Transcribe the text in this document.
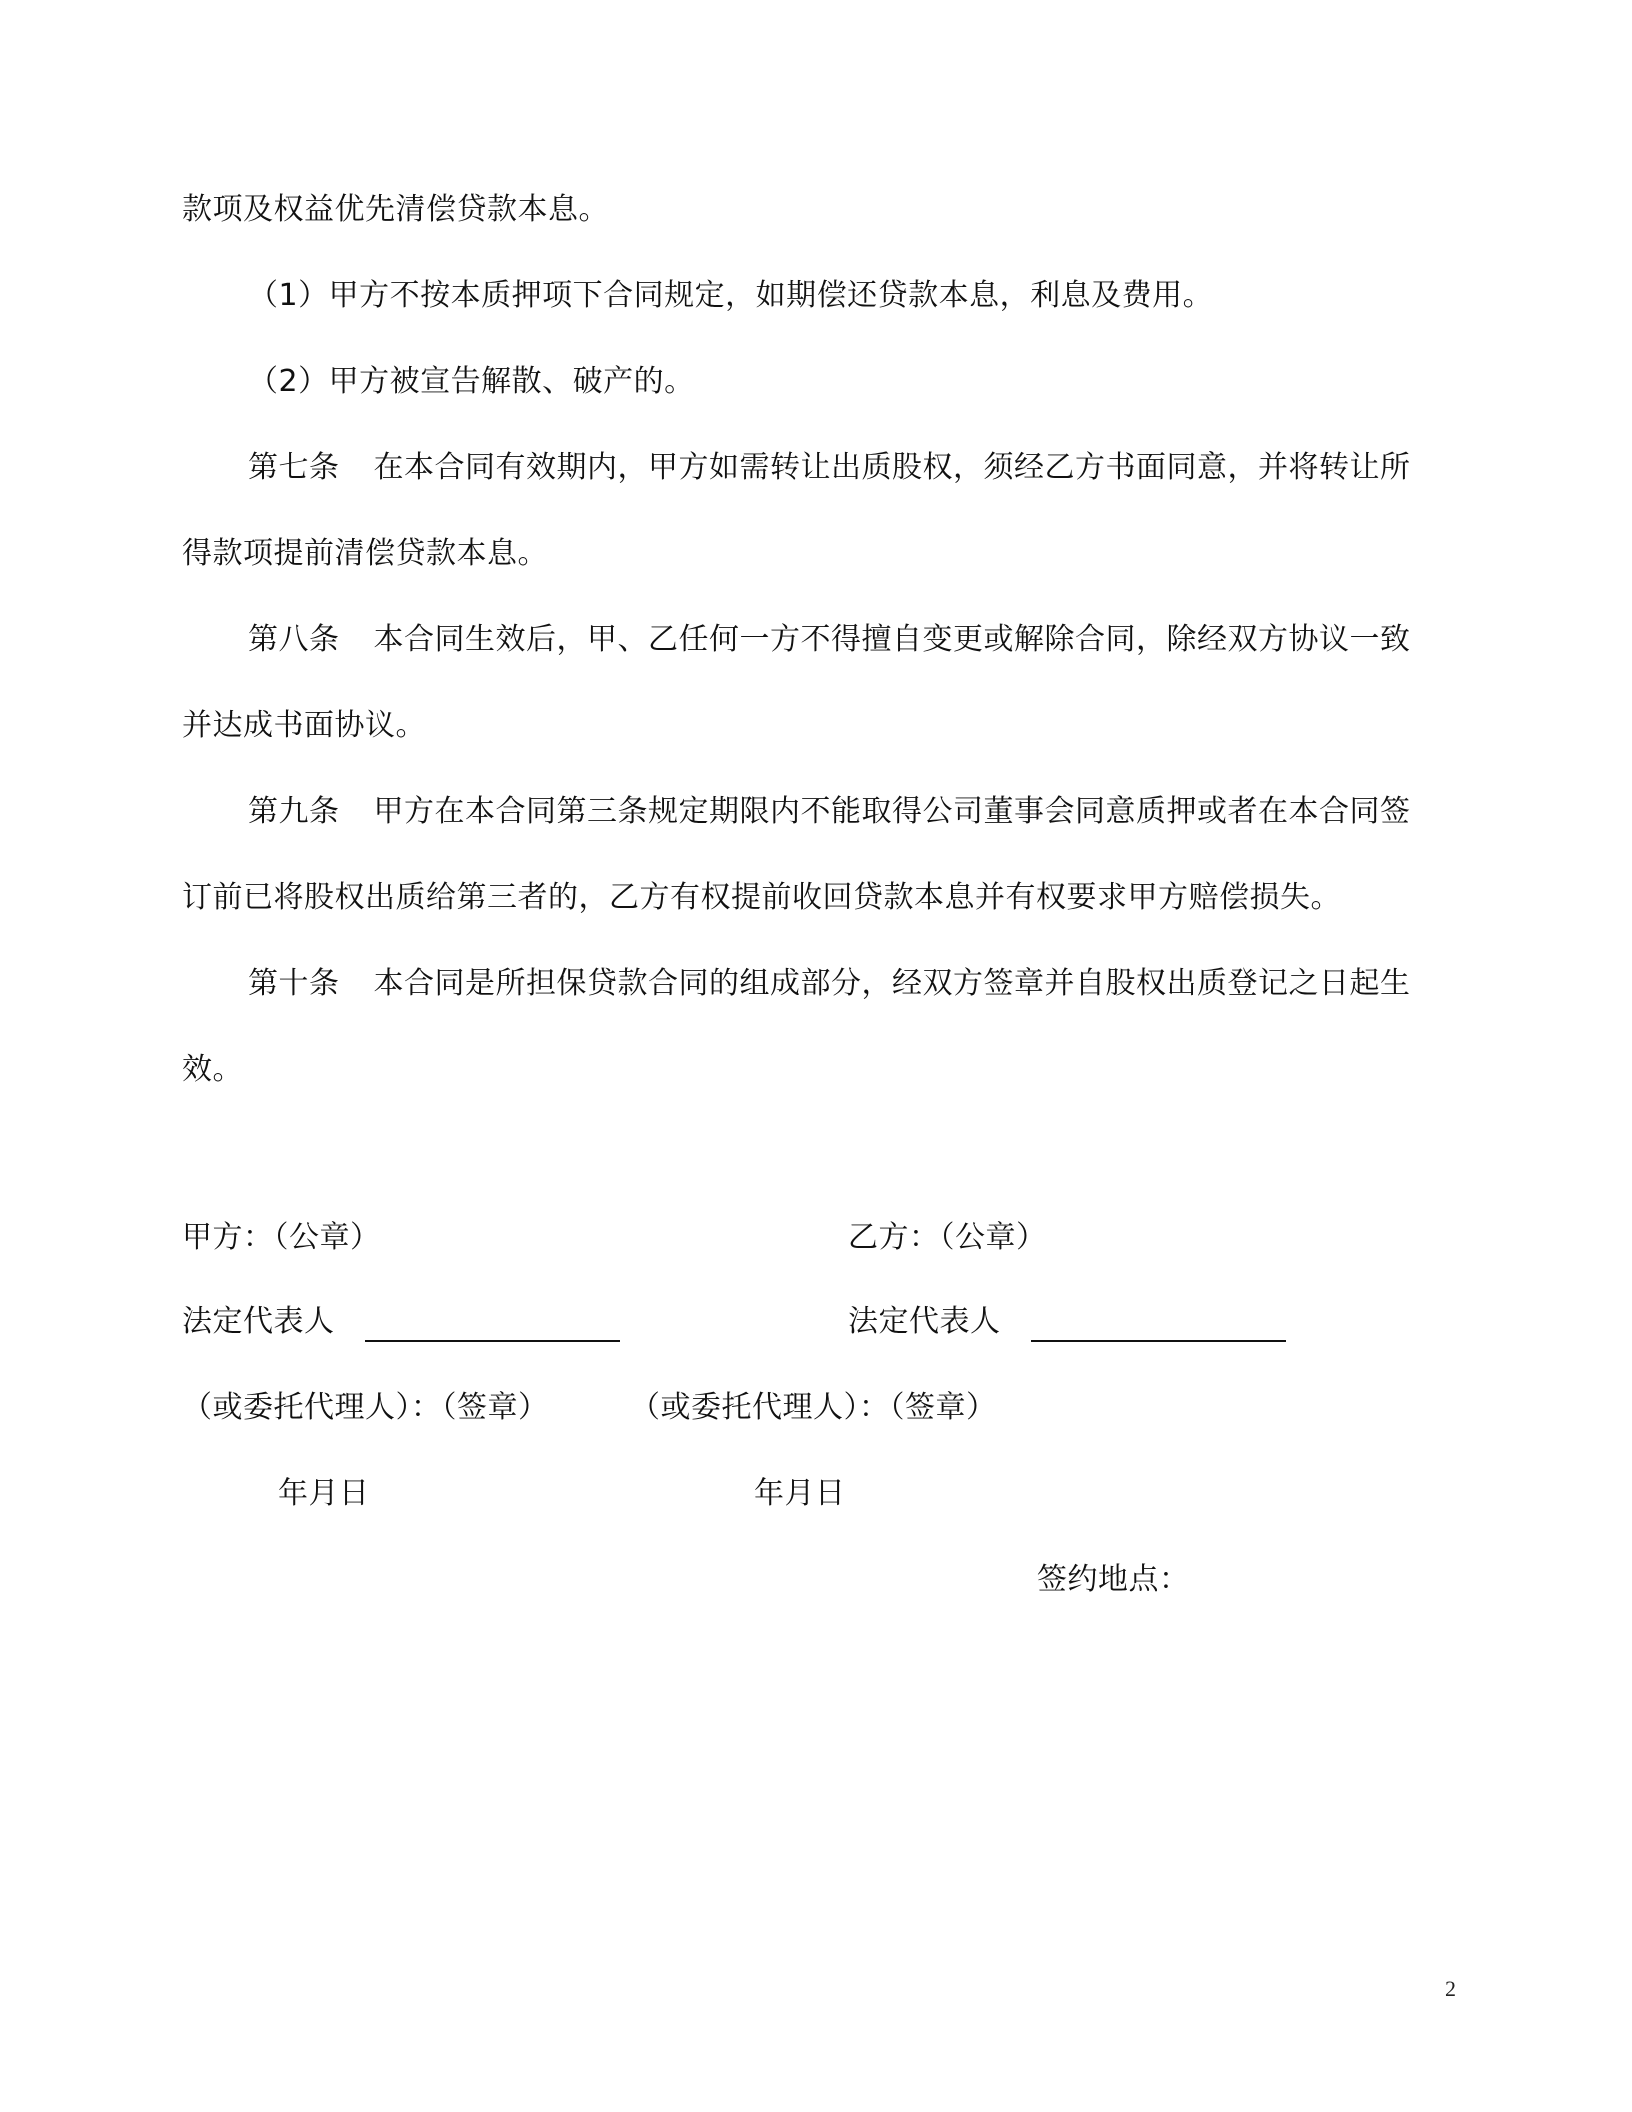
款项及权益优先清偿贷款本息。
（1）甲方不按本质押项下合同规定，如期偿还贷款本息，利息及费用。
（2）甲方被宣告解散、破产的。
第七条 在本合同有效期内，甲方如需转让出质股权，须经乙方书面同意，并将转让所
得款项提前清偿贷款本息。
第八条 本合同生效后，甲、乙任何一方不得擅自变更或解除合同，除经双方协议一致
并达成书面协议。
第九条 甲方在本合同第三条规定期限内不能取得公司董事会同意质押或者在本合同签
订前已将股权出质给第三者的，乙方有权提前收回贷款本息并有权要求甲方赔偿损失。
第十条 本合同是所担保贷款合同的组成部分，经双方签章并自股权出质登记之日起生
效。
甲方：（公章）	乙方：（公章）
法定代表人	法定代表人
（或委托代理人）：（签章）	（或委托代理人）：（签章）
年月日	年月日
签约地点：
2
